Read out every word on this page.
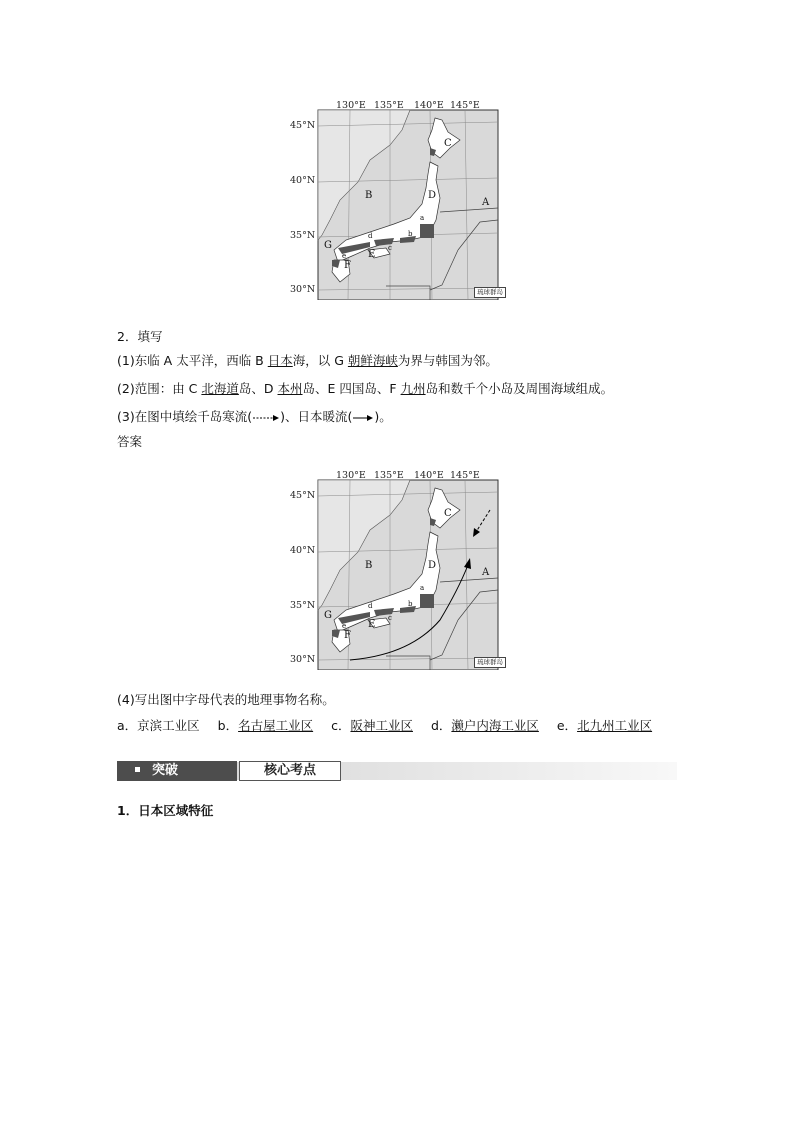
130°E 135°E 140°E 145°E
45°N
40°N
35°N
30°N
C
B	D
A
a
b
d
c
G
E
e
F
琉球群岛
2．填写
(1)东临 A 太平洋，西临 B 日本海，以 G 朝鲜海峡为界与韩国为邻。
(2)范围：由 C 北海道岛、D 本州岛、E 四国岛、F 九州岛和数千个小岛及周围海域组成。
(3)在图中填绘千岛寒流( )、日本暖流( )。
答案
130°E 135°E 140°E 145°E
45°N
40°N
35°N
30°N
C
B	D
A
a
b
d
c
G
E
e
F
琉球群岛
(4)写出图中字母代表的地理事物名称。
a．京滨工业区 b．名古屋工业区 c．阪神工业区 d．濑户内海工业区 e．北九州工业区
突破	核心考点
1．日本区域特征
